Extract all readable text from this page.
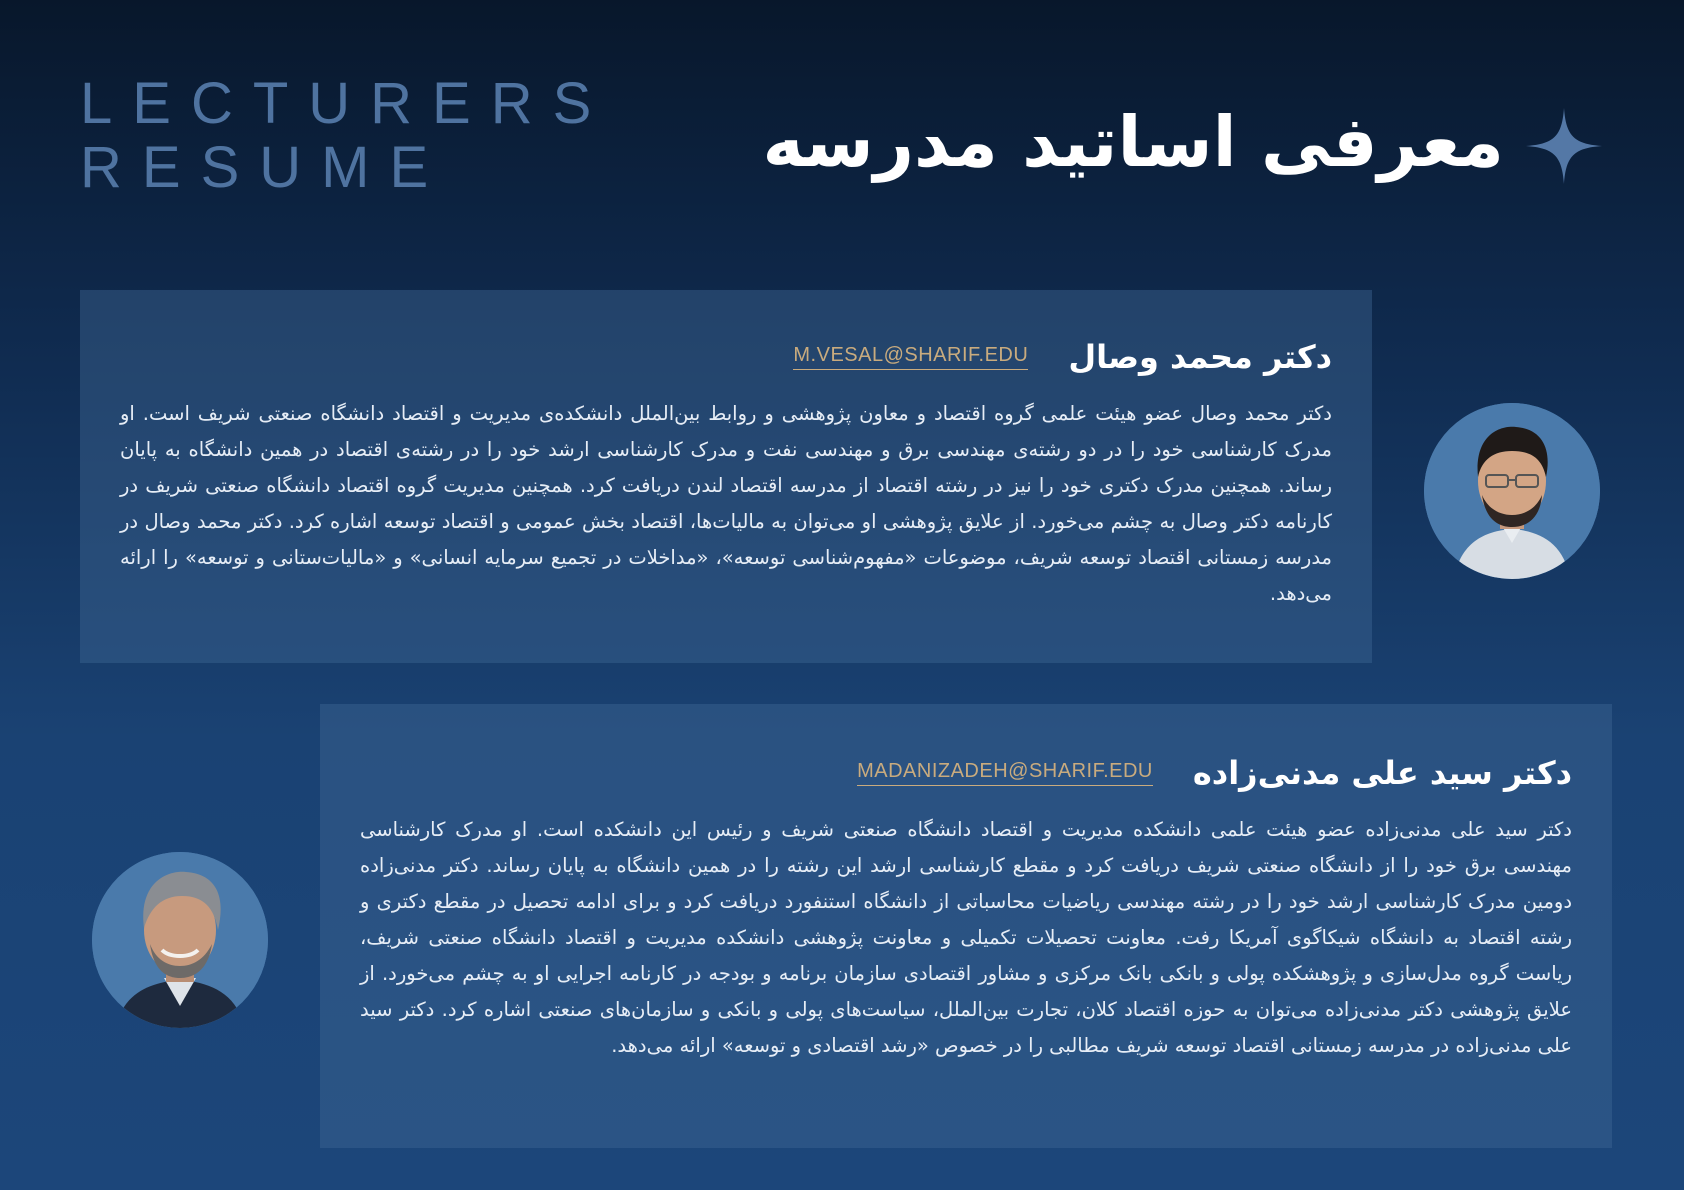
LECTURERS
RESUME	معرفی اساتید مدرسه
دکتر محمد وصال
M.VESAL@SHARIF.EDU

دکتر محمد وصال عضو هیئت علمی گروه اقتصاد و معاون پژوهشی و روابط بین‌الملل دانشکده‌ی مدیریت و اقتصاد دانشگاه صنعتی شریف است. او مدرک کارشناسی خود را در دو رشته‌ی مهندسی برق و مهندسی نفت و مدرک کارشناسی ارشد خود را در رشته‌ی اقتصاد در همین دانشگاه به پایان رساند. همچنین مدرک دکتری خود را نیز در رشته اقتصاد از مدرسه اقتصاد لندن دریافت کرد. همچنین مدیریت گروه اقتصاد دانشگاه صنعتی شریف در کارنامه دکتر وصال به چشم می‌خورد. از علایق پژوهشی او می‌توان به مالیات‌ها، اقتصاد بخش عمومی و اقتصاد توسعه اشاره کرد. دکتر محمد وصال در مدرسه زمستانی اقتصاد توسعه شریف، موضوعات «مفهوم‌شناسی توسعه»، «مداخلات در تجمیع سرمایه انسانی» و «مالیات‌ستانی و توسعه» را ارائه می‌دهد.

دکتر سید علی مدنی‌زاده
MADANIZADEH@SHARIF.EDU

دکتر سید علی مدنی‌زاده عضو هیئت علمی دانشکده مدیریت و اقتصاد دانشگاه صنعتی شریف و رئیس این دانشکده است. او مدرک کارشناسی مهندسی برق خود را از دانشگاه صنعتی شریف دریافت کرد و مقطع کارشناسی ارشد این رشته را در همین دانشگاه به پایان رساند. دکتر مدنی‌زاده دومین مدرک کارشناسی ارشد خود را در رشته مهندسی ریاضیات محاسباتی از دانشگاه استنفورد دریافت کرد و برای ادامه تحصیل در مقطع دکتری و رشته اقتصاد به دانشگاه شیکاگوی آمریکا رفت. معاونت تحصیلات تکمیلی و معاونت پژوهشی دانشکده مدیریت و اقتصاد دانشگاه صنعتی شریف، ریاست گروه مدل‌سازی و پژوهشکده پولی و بانکی بانک مرکزی و مشاور اقتصادی سازمان برنامه و بودجه در کارنامه اجرایی او به چشم می‌خورد. از علایق پژوهشی دکتر مدنی‌زاده می‌توان به حوزه اقتصاد کلان، تجارت بین‌الملل، سیاست‌های پولی و بانکی و سازمان‌های صنعتی اشاره کرد. دکتر سید علی مدنی‌زاده در مدرسه زمستانی اقتصاد توسعه شریف مطالبی را در خصوص «رشد اقتصادی و توسعه» ارائه می‌دهد.
